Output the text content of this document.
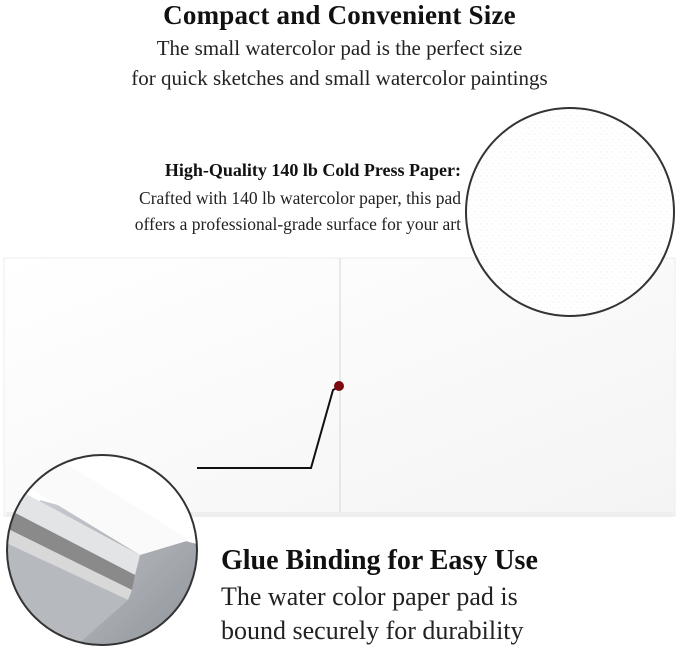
Compact and Convenient Size
The small watercolor pad is the perfect size
for quick sketches and small watercolor paintings
High-Quality 140 lb Cold Press Paper:
Crafted with 140 lb watercolor paper, this pad
offers a professional-grade surface for your art
Glue Binding for Easy Use
The water color paper pad is
bound securely for durability
